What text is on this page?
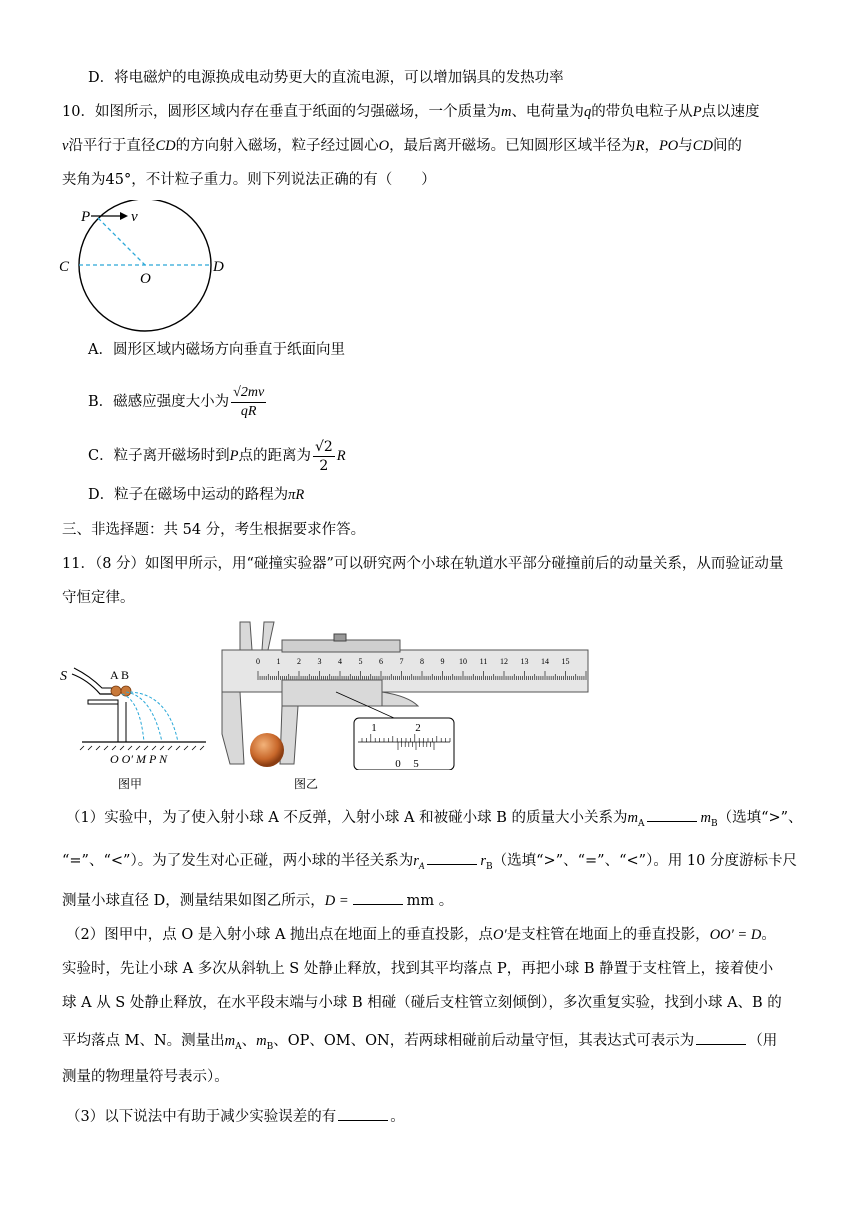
D．将电磁炉的电源换成电动势更大的直流电源，可以增加锅具的发热功率
10．如图所示，圆形区域内存在垂直于纸面的匀强磁场，一个质量为m、电荷量为q的带负电粒子从P点以速度
v沿平行于直径CD的方向射入磁场，粒子经过圆心O，最后离开磁场。已知圆形区域半径为R，PO与CD间的
夹角为45°，不计粒子重力。则下列说法正确的有（　　）
P	v
C
O
D
A．圆形区域内磁场方向垂直于纸面向里
B．磁感应强度大小为 $\frac{√2mv}{qR}$
C．粒子离开磁场时到 P 点的距离为 $\frac{√2}{2}$ R
D．粒子在磁场中运动的路程为πR
三、非选择题：共 54 分，考生根据要求作答。
11．（8 分）如图甲所示，用“碰撞实验器”可以研究两个小球在轨道水平部分碰撞前后的动量关系，从而验证动量
守恒定律。
S	A B
O O′ M P N
图甲
0 1 2 3 4 5 6 7 8 9 10 11 12 13 14 15
1	2
0 5
图乙
（1）实验中，为了使入射小球 A 不反弹，入射小球 A 和被碰小球 B 的质量大小关系为$m_A$	$m_B$（选填“>”、
“=”、“<”）。为了发生对心正碰，两小球的半径关系为$r_A$	$r_B$（选填“>”、“=”、“<”）。用 10 分度游标卡尺
测量小球直径 D，测量结果如图乙所示，D =	mm 。
（2）图甲中，点 O 是入射小球 A 抛出点在地面上的垂直投影，点O′是支柱管在地面上的垂直投影，OO′ = D。
实验时，先让小球 A 多次从斜轨上 S 处静止释放，找到其平均落点 P，再把小球 B 静置于支柱管上，接着使小
球 A 从 S 处静止释放，在水平段末端与小球 B 相碰（碰后支柱管立刻倾倒），多次重复实验，找到小球 A、B 的
平均落点 M、N。测量出$m_A$、$m_B$、OP、OM、ON，若两球相碰前后动量守恒，其表达式可表示为	（用
测量的物理量符号表示）。
（3）以下说法中有助于减少实验误差的有	。
